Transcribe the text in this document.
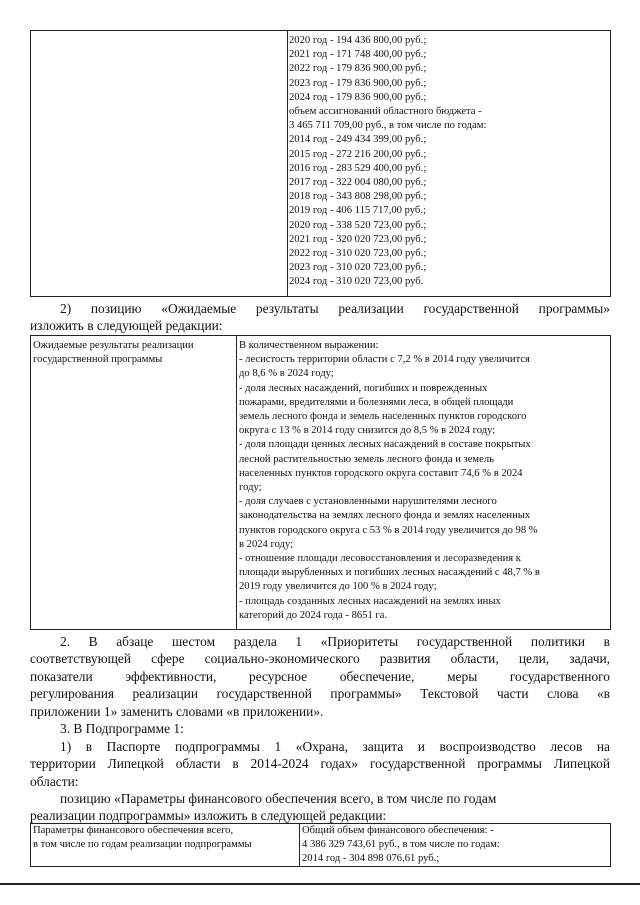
2020 год - 194 436 800,00 руб.;
2021 год - 171 748 400,00 руб.;
2022 год - 179 836 900,00 руб.;
2023 год - 179 836 900,00 руб.;
2024 год - 179 836 900,00 руб.;
объем ассигнований областного бюджета -
3 465 711 709,00 руб., в том числе по годам:
2014 год - 249 434 399,00 руб.;
2015 год - 272 216 200,00 руб.;
2016 год - 283 529 400,00 руб.;
2017 год - 322 004 080,00 руб.;
2018 год - 343 808 298,00 руб.;
2019 год - 406 115 717,00 руб.;
2020 год - 338 520 723,00 руб.;
2021 год - 320 020 723,00 руб.;
2022 год - 310 020 723,00 руб.;
2023 год - 310 020 723,00 руб.;
2024 год - 310 020 723,00 руб.
2) позицию «Ожидаемые результаты реализации государственной программы»
изложить в следующей редакции:
Ожидаемые результаты реализации государственной программы
В количественном выражении:
- лесистость территории области с 7,2 % в 2014 году увеличится
до 8,6 % в 2024 году;
- доля лесных насаждений, погибших и поврежденных
пожарами, вредителями и болезнями леса, в общей площади
земель лесного фонда и земель населенных пунктов городского
округа с 13 % в 2014 году снизится до 8,5 % в 2024 году;
- доля площади ценных лесных насаждений в составе покрытых
лесной растительностью земель лесного фонда и земель
населенных пунктов городского округа составит 74,6 % в 2024
году;
- доля случаев с установленными нарушителями лесного
законодательства на землях лесного фонда и землях населенных
пунктов городского округа с 53 % в 2014 году увеличится до 98 %
в 2024 году;
- отношение площади лесовосстановления и лесоразведения к
площади вырубленных и погибших лесных насаждений с 48,7 % в
2019 году увеличится до 100 % в 2024 году;
- площадь созданных лесных насаждений на землях иных
категорий до 2024 года - 8651 га.
2. В абзаце шестом раздела 1 «Приоритеты государственной политики в
соответствующей сфере социально-экономического развития области, цели, задачи,
показатели эффективности, ресурсное обеспечение, меры государственного
регулирования реализации государственной программы» Текстовой части слова «в
приложении 1» заменить словами «в приложении».
3. В Подпрограмме 1:
1) в Паспорте подпрограммы 1 «Охрана, защита и воспроизводство лесов на
территории Липецкой области в 2014-2024 годах» государственной программы Липецкой
области:
позицию «Параметры финансового обеспечения всего, в том числе по годам
реализации подпрограммы» изложить в следующей редакции:
Параметры финансового обеспечения всего,
в том числе по годам реализации подпрограммы
Общий объем финансового обеспечения: -
4 386 329 743,61 руб., в том числе по годам:
2014 год - 304 898 076,61 руб.;
